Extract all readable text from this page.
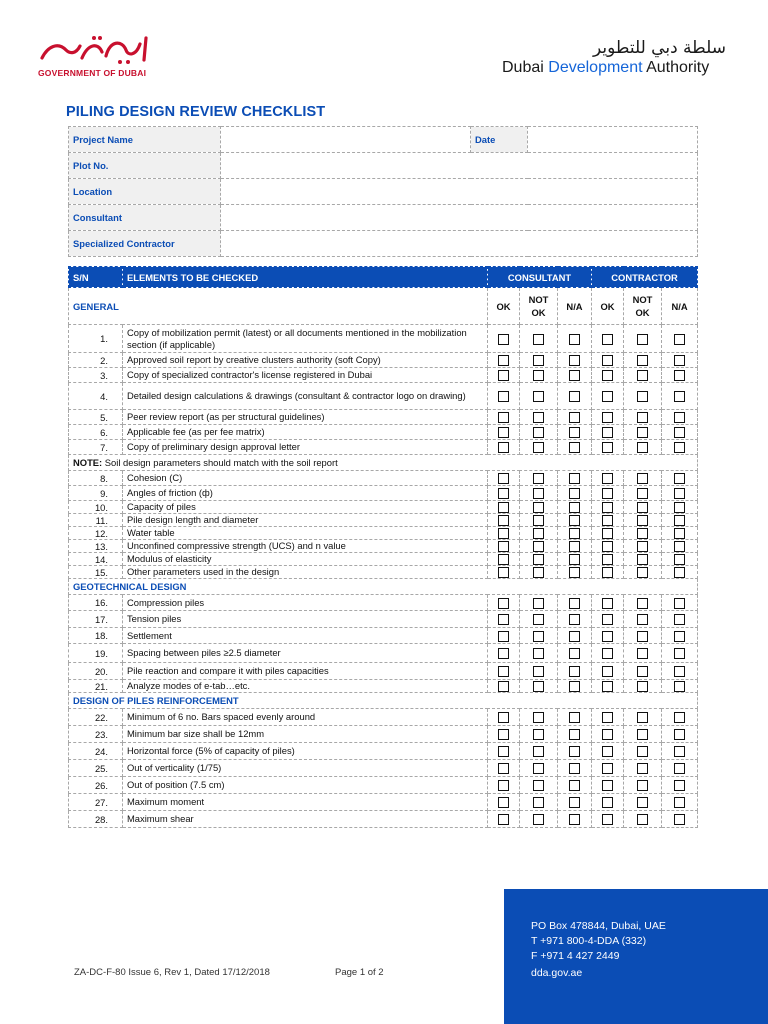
GOVERNMENT OF DUBAI
سلطة دبي للتطوير
Dubai Development Authority
PILING DESIGN REVIEW CHECKLIST
Project Name		Date	
Plot No.			
Location			
Consultant			
Specialized Contractor			
S/N	ELEMENTS TO BE CHECKED	CONSULTANT			CONTRACTOR		
GENERAL		OK	NOT OK	N/A	OK	NOT OK	N/A
1.	Copy of mobilization permit (latest) or all documents mentioned in the mobilization section (if applicable)						
2.	Approved soil report by creative clusters authority (soft Copy)						
3.	Copy of specialized contractor's license registered in Dubai						
4.	Detailed design calculations & drawings (consultant & contractor logo on drawing)						
5.	Peer review report (as per structural guidelines)						
6.	Applicable fee (as per fee matrix)						
7.	Copy of preliminary design approval letter						
NOTE: Soil design parameters should match with the soil report							
8.	Cohesion (C)						
9.	Angles of friction (ф)						
10.	Capacity of piles						
11.	Pile design length and diameter						
12.	Water table						
13.	Unconfined compressive strength (UCS) and n value						
14.	Modulus of elasticity						
15.	Other parameters used in the design						
GEOTECHNICAL DESIGN							
16.	Compression piles						
17.	Tension piles						
18.	Settlement						
19.	Spacing between piles ≥2.5 diameter						
20.	Pile reaction and compare it with piles capacities						
21.	Analyze modes of e-tab…etc.						
DESIGN OF PILES REINFORCEMENT							
22.	Minimum of 6 no. Bars spaced evenly around						
23.	Minimum bar size shall be 12mm						
24.	Horizontal force (5% of capacity of piles)						
25.	Out of verticality (1/75)						
26.	Out of position (7.5 cm)						
27.	Maximum moment						
28.	Maximum shear						
ZA-DC-F-80 Issue 6, Rev 1, Dated 17/12/2018	Page 1 of 2
PO Box 478844, Dubai, UAE
T +971 800-4-DDA (332)
F +971 4 427 2449
dda.gov.ae
